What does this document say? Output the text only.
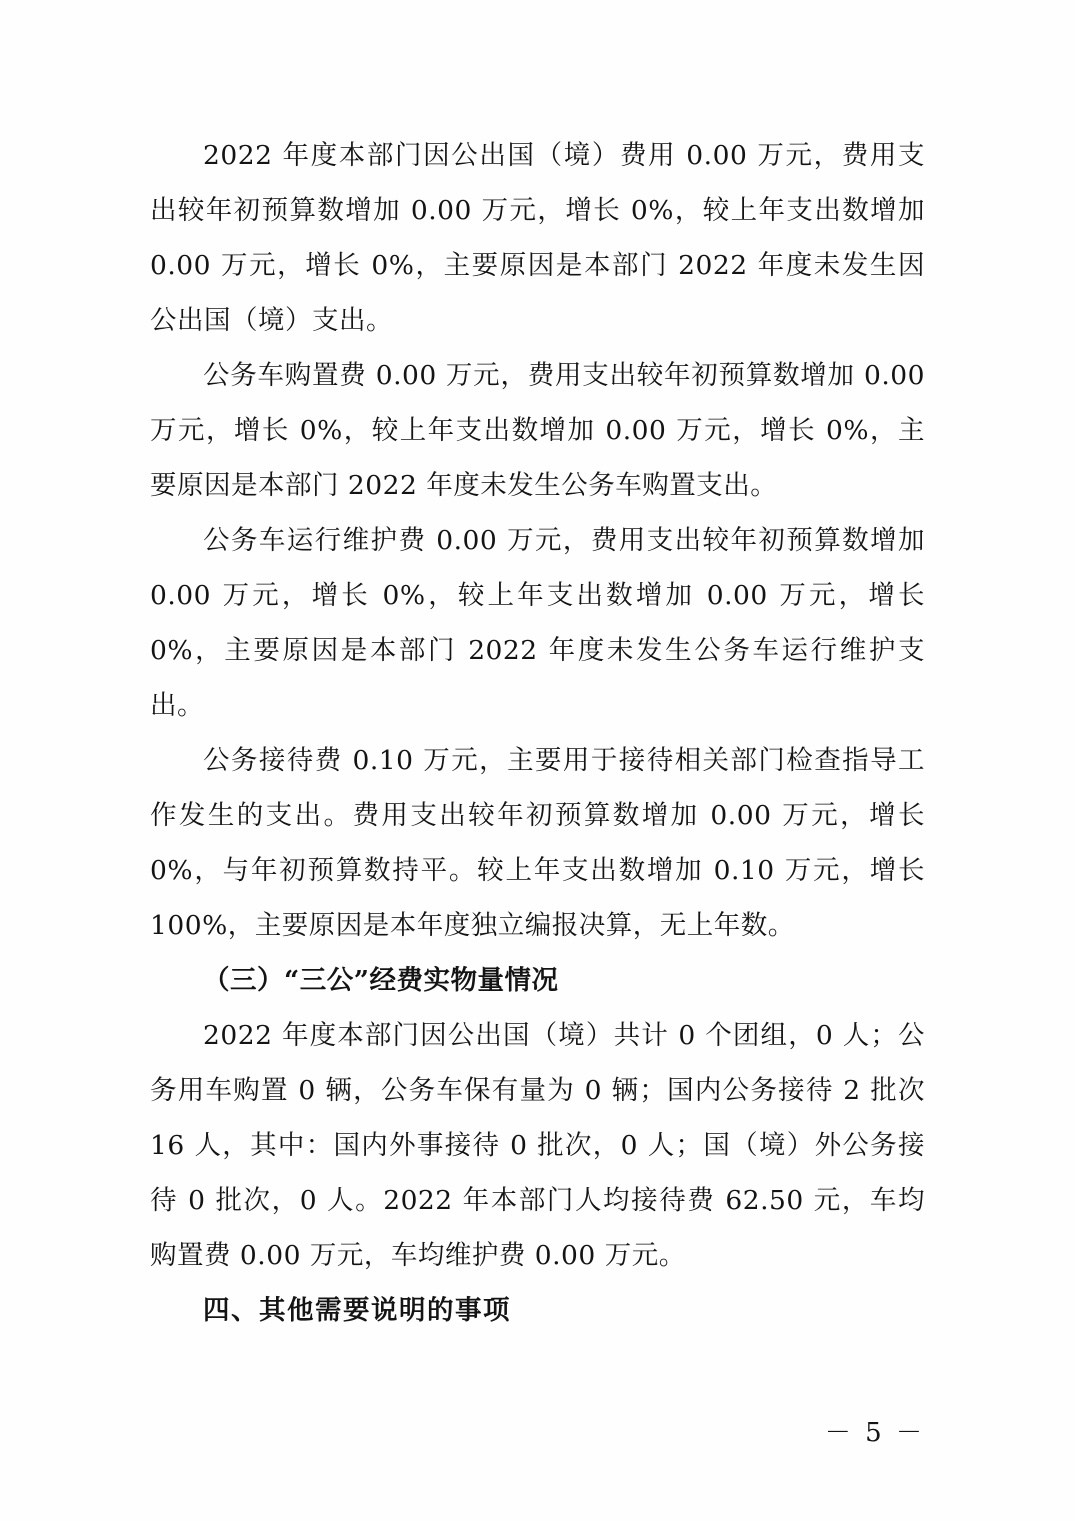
2022 年度本部门因公出国（境）费用 0.00 万元，费用支出较年初预算数增加 0.00 万元，增长 0%，较上年支出数增加 0.00 万元，增长 0%，主要原因是本部门 2022 年度未发生因公出国（境）支出。

公务车购置费 0.00 万元，费用支出较年初预算数增加 0.00 万元，增长 0%，较上年支出数增加 0.00 万元，增长 0%，主要原因是本部门 2022 年度未发生公务车购置支出。

公务车运行维护费 0.00 万元，费用支出较年初预算数增加 0.00 万元，增长 0%，较上年支出数增加 0.00 万元，增长 0%，主要原因是本部门 2022 年度未发生公务车运行维护支出。

公务接待费 0.10 万元，主要用于接待相关部门检查指导工作发生的支出。费用支出较年初预算数增加 0.00 万元，增长 0%，与年初预算数持平。较上年支出数增加 0.10 万元，增长 100%，主要原因是本年度独立编报决算，无上年数。

（三）“三公”经费实物量情况

2022 年度本部门因公出国（境）共计 0 个团组，0 人；公务用车购置 0 辆，公务车保有量为 0 辆；国内公务接待 2 批次 16 人，其中：国内外事接待 0 批次，0 人；国（境）外公务接待 0 批次，0 人。2022 年本部门人均接待费 62.50 元，车均购置费 0.00 万元，车均维护费 0.00 万元。

四、其他需要说明的事项

－ 5 －
